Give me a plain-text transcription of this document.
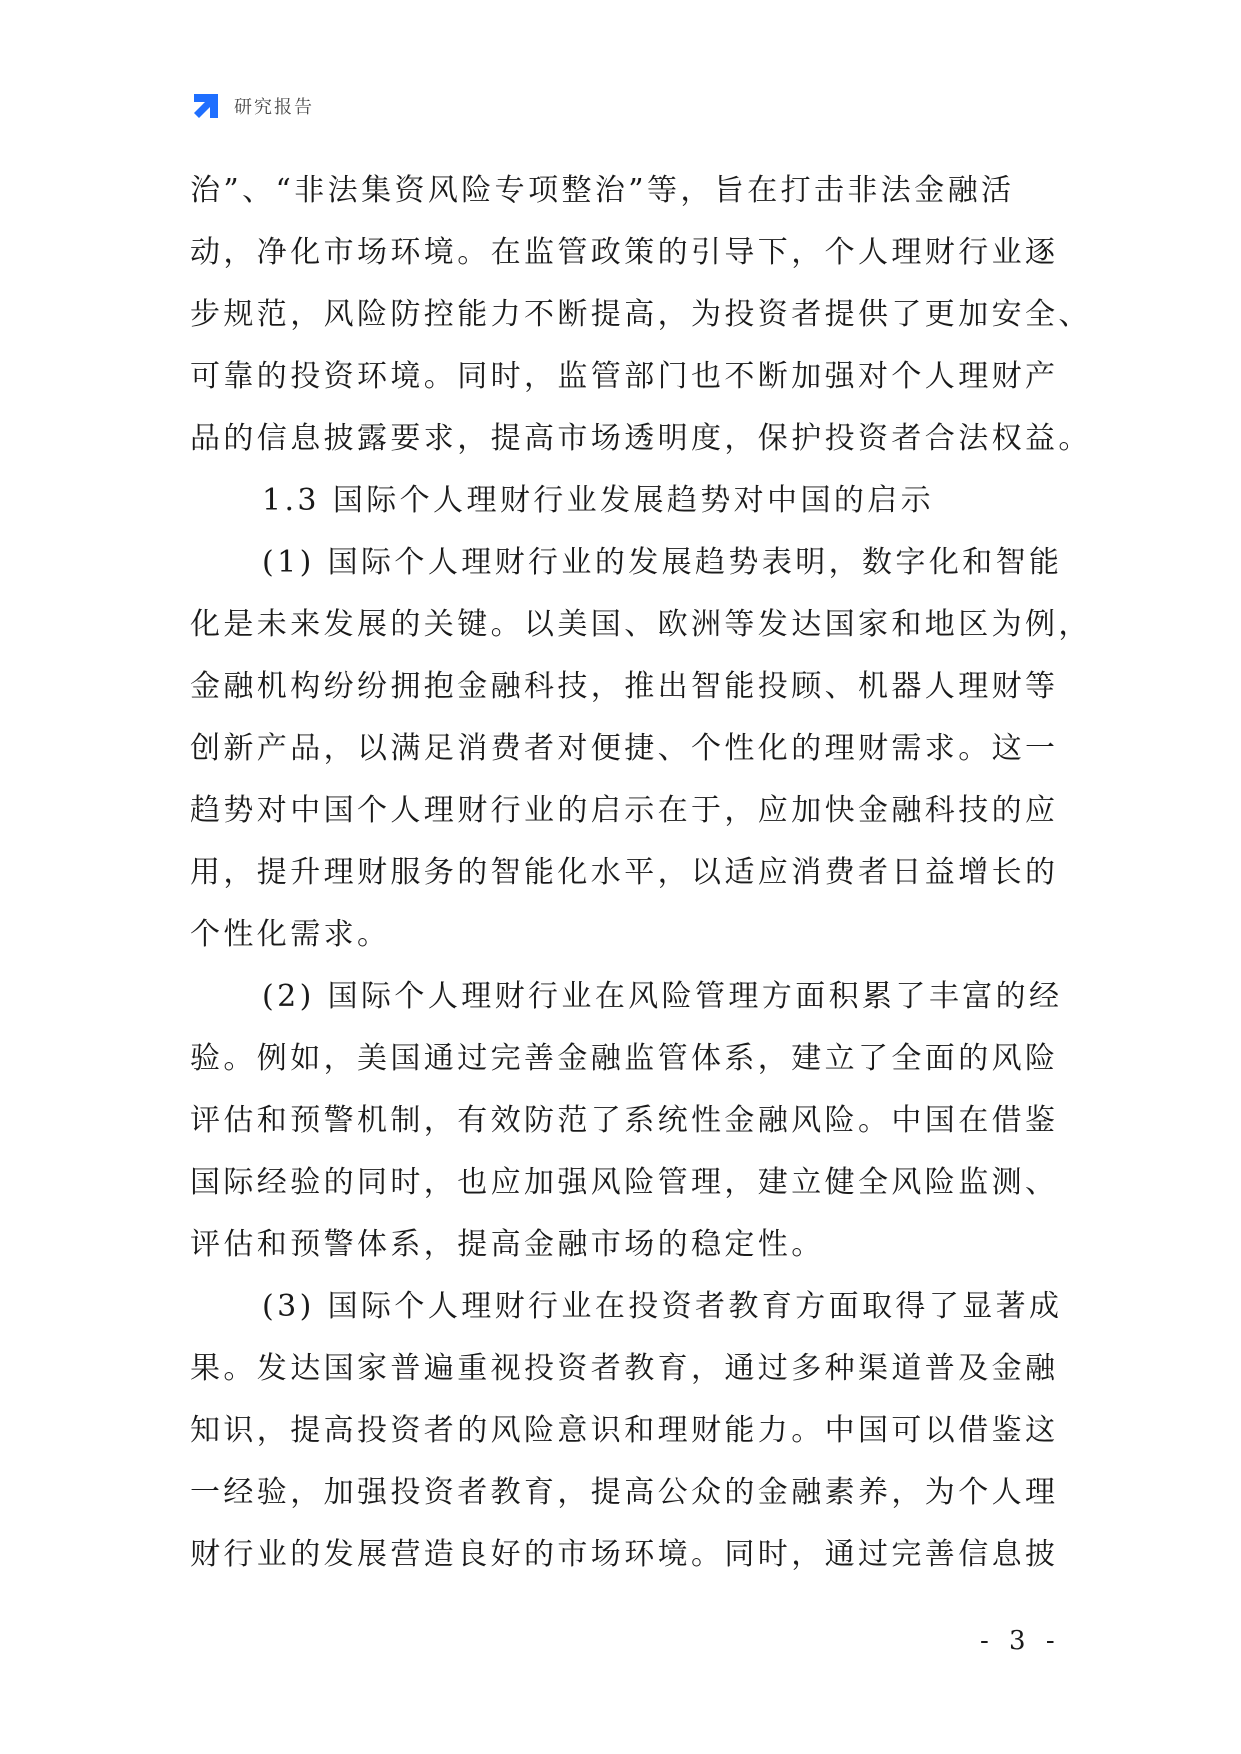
研究报告

治”、“非法集资风险专项整治”等，旨在打击非法金融活

动，净化市场环境。在监管政策的引导下，个人理财行业逐

步规范，风险防控能力不断提高，为投资者提供了更加安全、

可靠的投资环境。同时，监管部门也不断加强对个人理财产

品的信息披露要求，提高市场透明度，保护投资者合法权益。

1.3 国际个人理财行业发展趋势对中国的启示

(1) 国际个人理财行业的发展趋势表明，数字化和智能

化是未来发展的关键。以美国、欧洲等发达国家和地区为例，

金融机构纷纷拥抱金融科技，推出智能投顾、机器人理财等

创新产品，以满足消费者对便捷、个性化的理财需求。这一

趋势对中国个人理财行业的启示在于，应加快金融科技的应

用，提升理财服务的智能化水平，以适应消费者日益增长的

个性化需求。

(2) 国际个人理财行业在风险管理方面积累了丰富的经

验。例如，美国通过完善金融监管体系，建立了全面的风险

评估和预警机制，有效防范了系统性金融风险。中国在借鉴

国际经验的同时，也应加强风险管理，建立健全风险监测、

评估和预警体系，提高金融市场的稳定性。

(3) 国际个人理财行业在投资者教育方面取得了显著成

果。发达国家普遍重视投资者教育，通过多种渠道普及金融

知识，提高投资者的风险意识和理财能力。中国可以借鉴这

一经验，加强投资者教育，提高公众的金融素养，为个人理

财行业的发展营造良好的市场环境。同时，通过完善信息披

- 3 -
